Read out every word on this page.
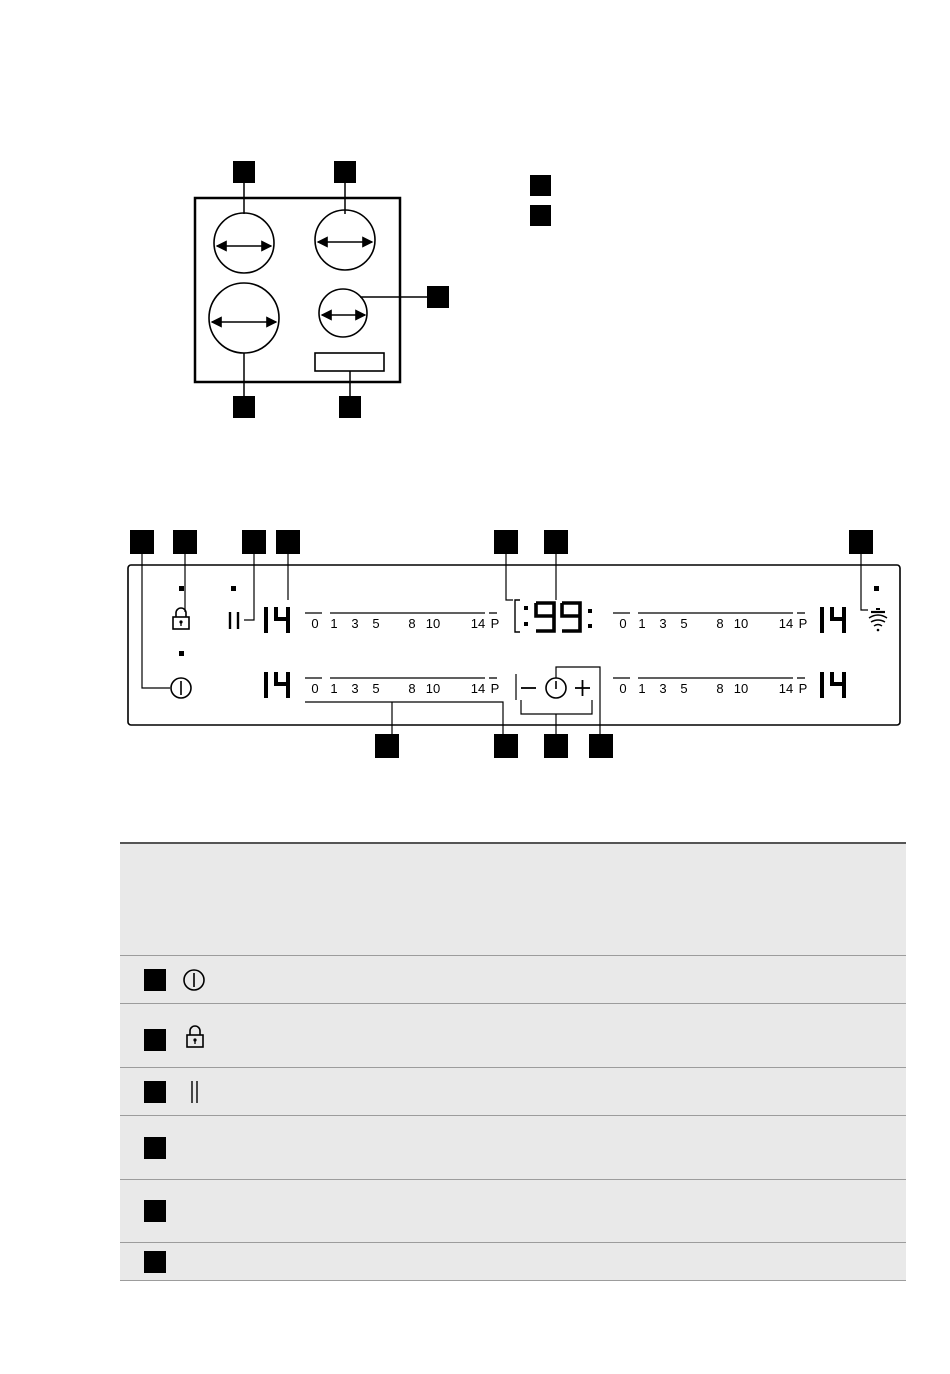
0 1 3 5 8 10 14 P
0 1 3 5 8 10 14 P
0 1 3 5 8 10 14 P
0 1 3 5 8 10 14 P
